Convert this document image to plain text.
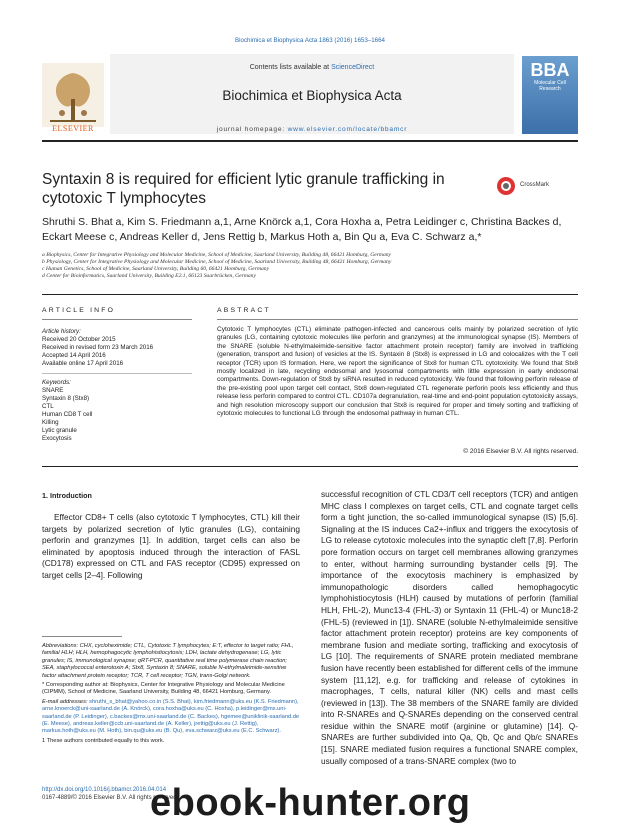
Biochimica et Biophysica Acta 1863 (2016) 1653–1664
ELSEVIER
Contents lists available at ScienceDirect
Biochimica et Biophysica Acta
journal homepage: www.elsevier.com/locate/bbamcr
BBA
Molecular Cell Research
Syntaxin 8 is required for efficient lytic granule trafficking in cytotoxic T lymphocytes
CrossMark
Shruthi S. Bhat a, Kim S. Friedmann a,1, Arne Knörck a,1, Cora Hoxha a, Petra Leidinger c, Christina Backes d,
Eckart Meese c, Andreas Keller d, Jens Rettig b, Markus Hoth a, Bin Qu a, Eva C. Schwarz a,*
a Biophysics, Center for Integrative Physiology and Molecular Medicine, School of Medicine, Saarland University, Building 48, 66421 Homburg, Germany
b Physiology, Center for Integrative Physiology and Molecular Medicine, School of Medicine, Saarland University, Building 48, 66421 Homburg, Germany
c Human Genetics, School of Medicine, Saarland University, Building 60, 66421 Homburg, Germany
d Center for Bioinformatics, Saarland University, Building E2.1, 66123 Saarbrücken, Germany
ARTICLE INFO	ABSTRACT
Article history:
Received 20 October 2015
Received in revised form 23 March 2016
Accepted 14 April 2016
Available online 17 April 2016
Keywords:
SNARE
Syntaxin 8 (Stx8)
CTL
Human CD8 T cell
Killing
Lytic granule
Exocytosis
Cytotoxic T lymphocytes (CTL) eliminate pathogen-infected and cancerous cells mainly by polarized secretion of lytic granules (LG, containing cytotoxic molecules like perforin and granzymes) at the immunological synapse (IS). Members of the SNARE (soluble N-ethylmaleimide-sensitive factor attachment protein receptor) family are involved in trafficking (generation, transport and fusion) of vesicles at the IS. Syntaxin 8 (Stx8) is expressed in LG and colocalizes with the T cell receptor (TCR) upon IS formation. Here, we report the significance of Stx8 for human CTL cytotoxicity. We found that Stx8 mostly localized in late, recycling endosomal and lysosomal compartments with little expression in early endosomal compartments. Down-regulation of Stx8 by siRNA resulted in reduced cytotoxicity. We found that following perforin release of the pre-existing pool upon target cell contact, Stx8 down-regulated CTL regenerate perforin pools less efficiently and thus release less perforin compared to control CTL. CD107a degranulation, real-time and end-point population cytotoxicity assays, and high resolution microscopy support our conclusion that Stx8 is required for proper and timely sorting and trafficking of cytotoxic molecules to functional LG through the endosomal pathway in human CTL.
© 2016 Elsevier B.V. All rights reserved.
1. Introduction
Effector CD8+ T cells (also cytotoxic T lymphocytes, CTL) kill their targets by polarized secretion of lytic granules (LG), containing perforin and granzymes [1]. In addition, target cells can also be eliminated by apoptosis induced through the interaction of FASL (CD178) expressed on CTL and FAS receptor (CD95) expressed on target cells [2–4]. Following
successful recognition of CTL CD3/T cell receptors (TCR) and antigen MHC class I complexes on target cells, CTL and cognate target cells form a tight junction, the so-called immunological synapse (IS) [5,6]. Signaling at the IS induces Ca2+-influx and triggers the exocytosis of LG to release cytotoxic molecules into the synaptic cleft [7,8]. Perforin pore formation occurs on target cell membranes allowing granzymes to enter, without harming surrounding bystander cells [9]. The importance of the exocytosis machinery is emphasized by immunopathologic disorders called hemophagocytic lymphohistiocytosis (HLH) caused by mutations of perforin (familial HLH, FHL-2), Munc13-4 (FHL-3) or Syntaxin 11 (FHL-4) or Munc18-2 (FHL-5) (reviewed in [1]). SNARE (soluble N-ethylmaleimide sensitive factor attachment protein receptor) proteins are key components of membrane fusion and mediate sorting, trafficking and exocytosis of LG [10]. The requirements of SNARE protein mediated membrane fusion have recently been established for different cells of the immune system [11,12], e.g. for trafficking and release of cytokines in macrophages, T cells, natural killer (NK) cells and mast cells (reviewed in [13]). The 38 members of the SNARE family are divided into R-SNAREs and Q-SNAREs depending on the conserved central residue within the SNARE motif (arginine or glutamine) [14]. Q-SNAREs are further subdivided into Qa, Qb, Qc and Qb/c SNAREs [15]. SNARE mediated fusion requires a functional SNARE complex, usually composed of a trans-SNARE complex (two to
Abbreviations: CHX, cycloheximide; CTL, Cytotoxic T lymphocytes; E:T, effector to target ratio; FHL, familial HLH; HLH, hemophagocytic lymphohistiocytosis; LDH, lactate dehydrogenase; LG, lytic granules; IS, immunological synapse; qRT-PCR, quantitative real time polymerase chain reaction; SEA, staphylococcal enterotoxin A; Stx8, Syntaxin 8; SNARE, soluble N-ethylmaleimide-sensitive factor attachment protein receptor; TCR, T cell receptor; TGN, trans-Golgi network.
* Corresponding author at: Biophysics, Center for Integrative Physiology and Molecular Medicine (CIPMM), School of Medicine, Saarland University, Building 48, 66421 Homburg, Germany.
E-mail addresses: shruthi_s_bhat@yahoo.co.in (S.S. Bhat), kim.friedmann@uks.eu (K.S. Friedmann), arne.knoerck@uni-saarland.de (A. Knörck), cora.hoxha@uks.eu (C. Hoxha), p.leidinger@mx.uni-saarland.de (P. Leidinger), c.backes@mx.uni-saarland.de (C. Backes), hgemee@uniklinik-saarland.de (E. Meese), andreas.keller@ccb.uni-saarland.de (A. Keller), jrettig@uks.eu (J. Rettig), markus.hoth@uks.eu (M. Hoth), bin.qu@uks.eu (B. Qu), eva.schwarz@uks.eu (E.C. Schwarz).
1 These authors contributed equally to this work.
http://dx.doi.org/10.1016/j.bbamcr.2016.04.014
0167-4889/© 2016 Elsevier B.V. All rights reserved.
ebook-hunter.org
